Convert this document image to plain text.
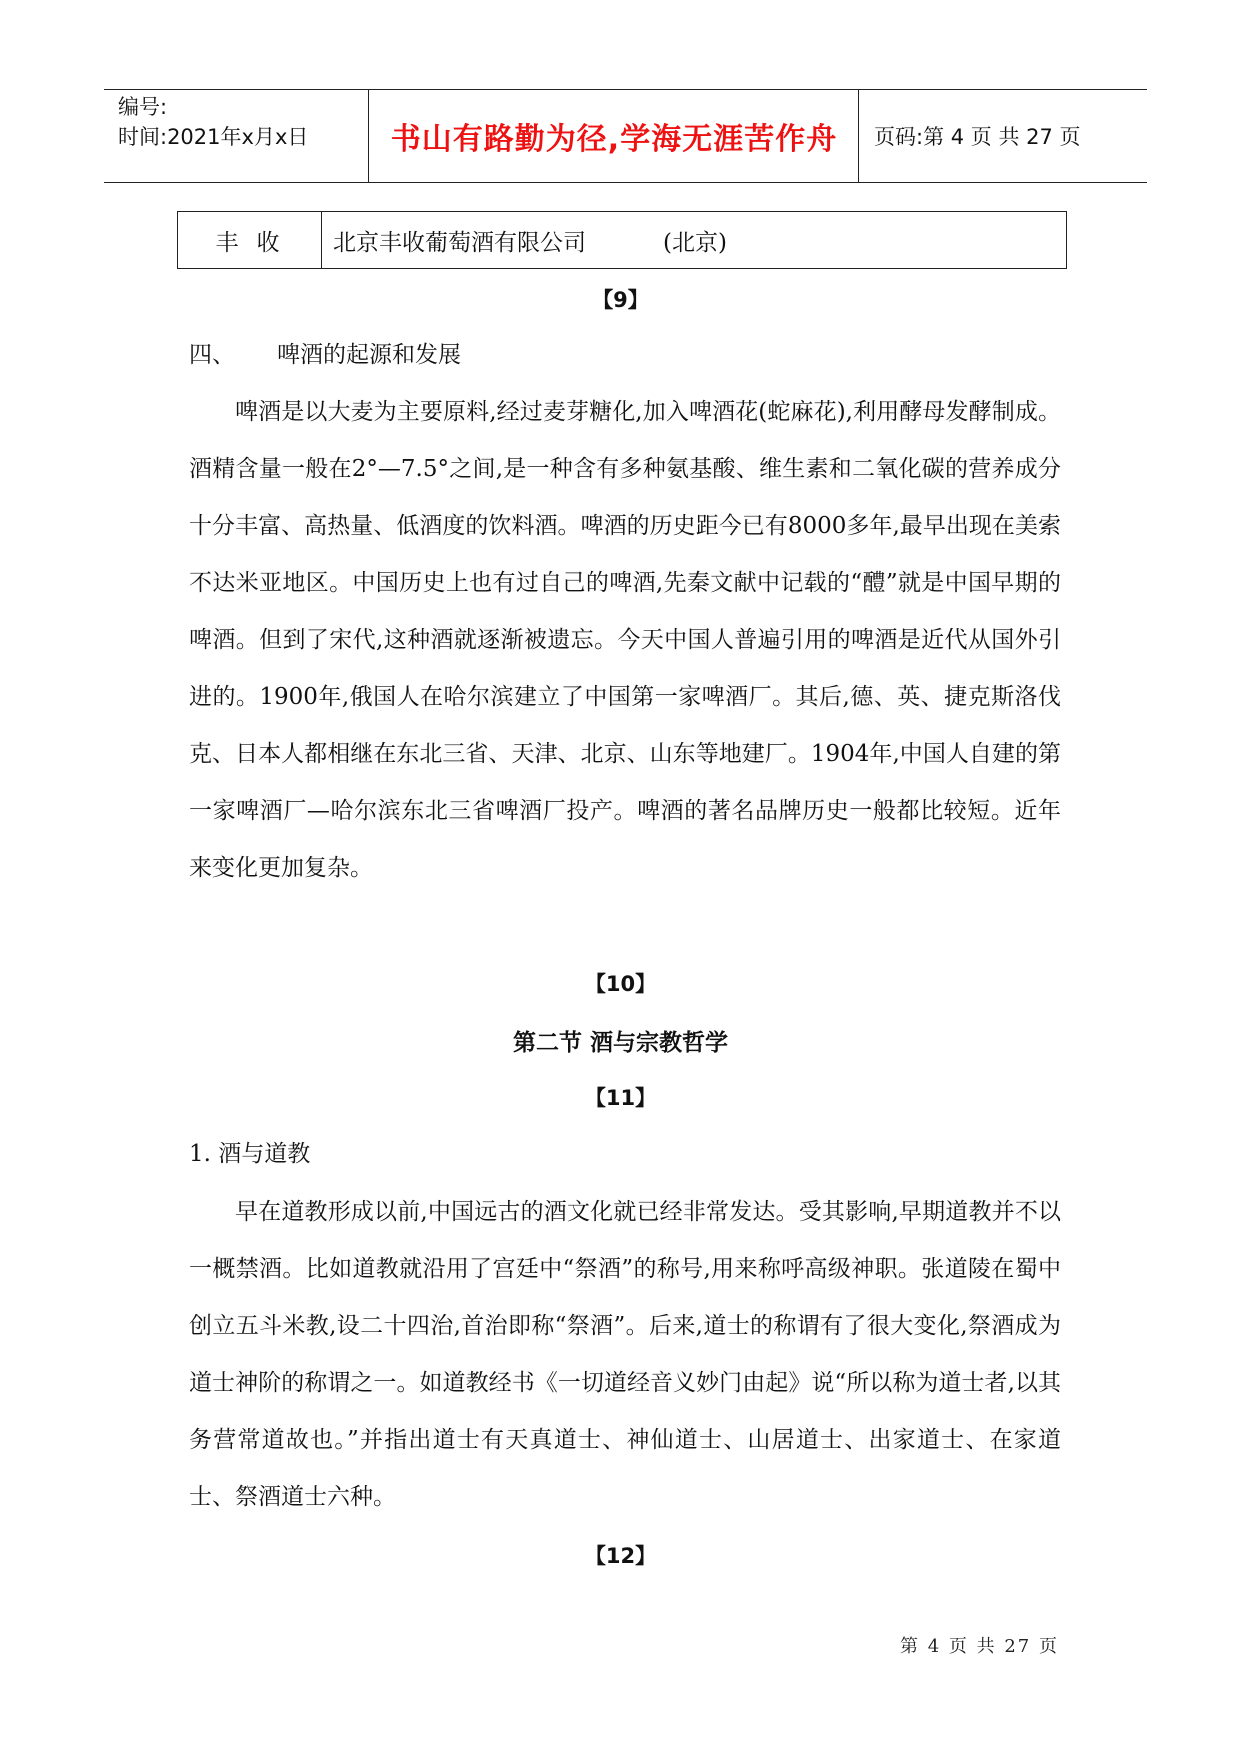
编号:
时间:2021年x月x日	书山有路勤为径,学海无涯苦作舟	页码:第 4 页 共 27 页
丰收	北京丰收葡萄酒有限公司	(北京)
【9】
四、 啤酒的起源和发展

啤酒是以大麦为主要原料,经过麦芽糖化,加入啤酒花(蛇麻花),利用酵母发酵制成。酒精含量一般在2°—7.5°之间,是一种含有多种氨基酸、维生素和二氧化碳的营养成分十分丰富、高热量、低酒度的饮料酒。啤酒的历史距今已有8000多年,最早出现在美索不达米亚地区。中国历史上也有过自己的啤酒,先秦文献中记载的“醴”就是中国早期的啤酒。但到了宋代,这种酒就逐渐被遗忘。今天中国人普遍引用的啤酒是近代从国外引进的。1900年,俄国人在哈尔滨建立了中国第一家啤酒厂。其后,德、英、捷克斯洛伐克、日本人都相继在东北三省、天津、北京、山东等地建厂。1904年,中国人自建的第一家啤酒厂—哈尔滨东北三省啤酒厂投产。啤酒的著名品牌历史一般都比较短。近年来变化更加复杂。

【10】
第二节 酒与宗教哲学
【11】
1. 酒与道教

早在道教形成以前,中国远古的酒文化就已经非常发达。受其影响,早期道教并不以一概禁酒。比如道教就沿用了宫廷中“祭酒”的称号,用来称呼高级神职。张道陵在蜀中创立五斗米教,设二十四治,首治即称“祭酒”。后来,道士的称谓有了很大变化,祭酒成为道士神阶的称谓之一。如道教经书《一切道经音义妙门由起》说“所以称为道士者,以其务营常道故也。”并指出道士有天真道士、神仙道士、山居道士、出家道士、在家道士、祭酒道士六种。

【12】
第 4 页 共 27 页
